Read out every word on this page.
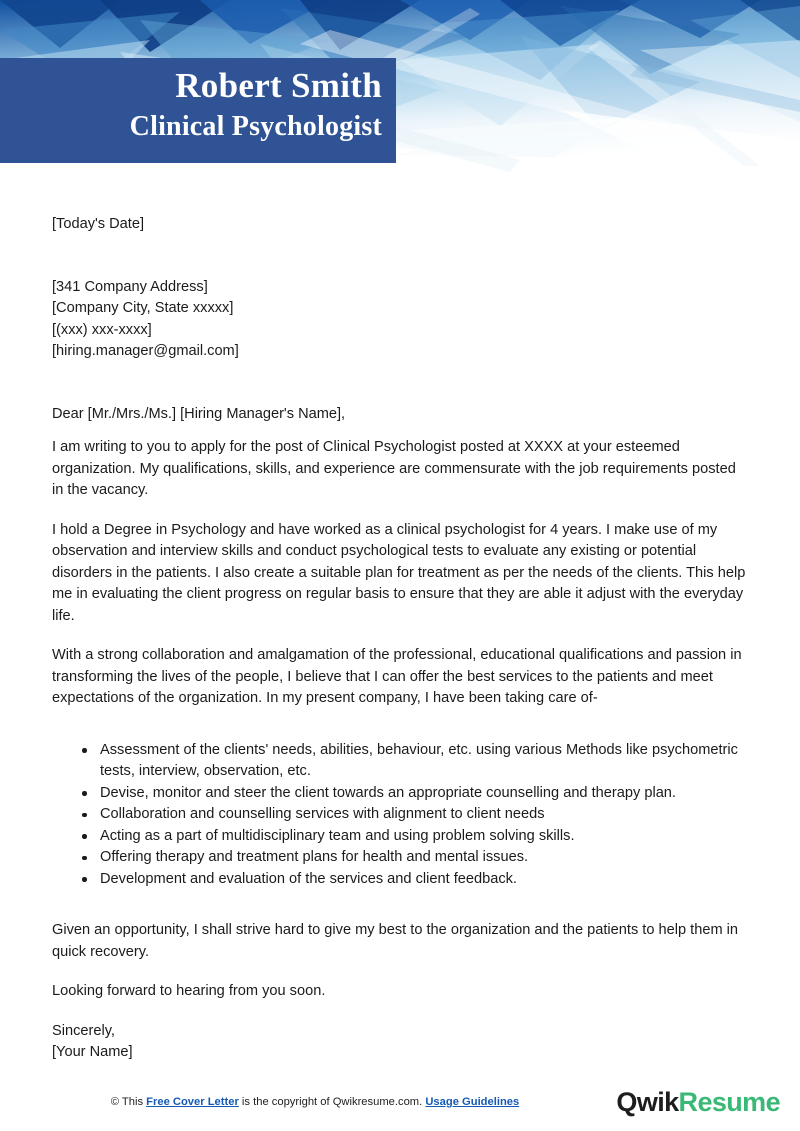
Robert Smith
Clinical Psychologist
[Today's Date]
[341 Company Address]
[Company City, State xxxxx]
[(xxx) xxx-xxxx]
[hiring.manager@gmail.com]
Dear [Mr./Mrs./Ms.] [Hiring Manager's Name],

I am writing to you to apply for the post of Clinical Psychologist posted at XXXX at your esteemed organization. My qualifications, skills, and experience are commensurate with the job requirements posted in the vacancy.

I hold a Degree in Psychology and have worked as a clinical psychologist for 4 years. I make use of my observation and interview skills and conduct psychological tests to evaluate any existing or potential disorders in the patients. I also create a suitable plan for treatment as per the needs of the clients. This help me in evaluating the client progress on regular basis to ensure that they are able it adjust with the everyday life.

With a strong collaboration and amalgamation of the professional, educational qualifications and passion in transforming the lives of the people, I believe that I can offer the best services to the patients and meet expectations of the organization. In my present company, I have been taking care of-

Assessment of the clients' needs, abilities, behaviour, etc. using various Methods like psychometric tests, interview, observation, etc.
Devise, monitor and steer the client towards an appropriate counselling and therapy plan.
Collaboration and counselling services with alignment to client needs
Acting as a part of multidisciplinary team and using problem solving skills.
Offering therapy and treatment plans for health and mental issues.
Development and evaluation of the services and client feedback.

Given an opportunity, I shall strive hard to give my best to the organization and the patients to help them in quick recovery.

Looking forward to hearing from you soon.

Sincerely,
[Your Name]
© This Free Cover Letter is the copyright of Qwikresume.com. Usage Guidelines	QwikResume
